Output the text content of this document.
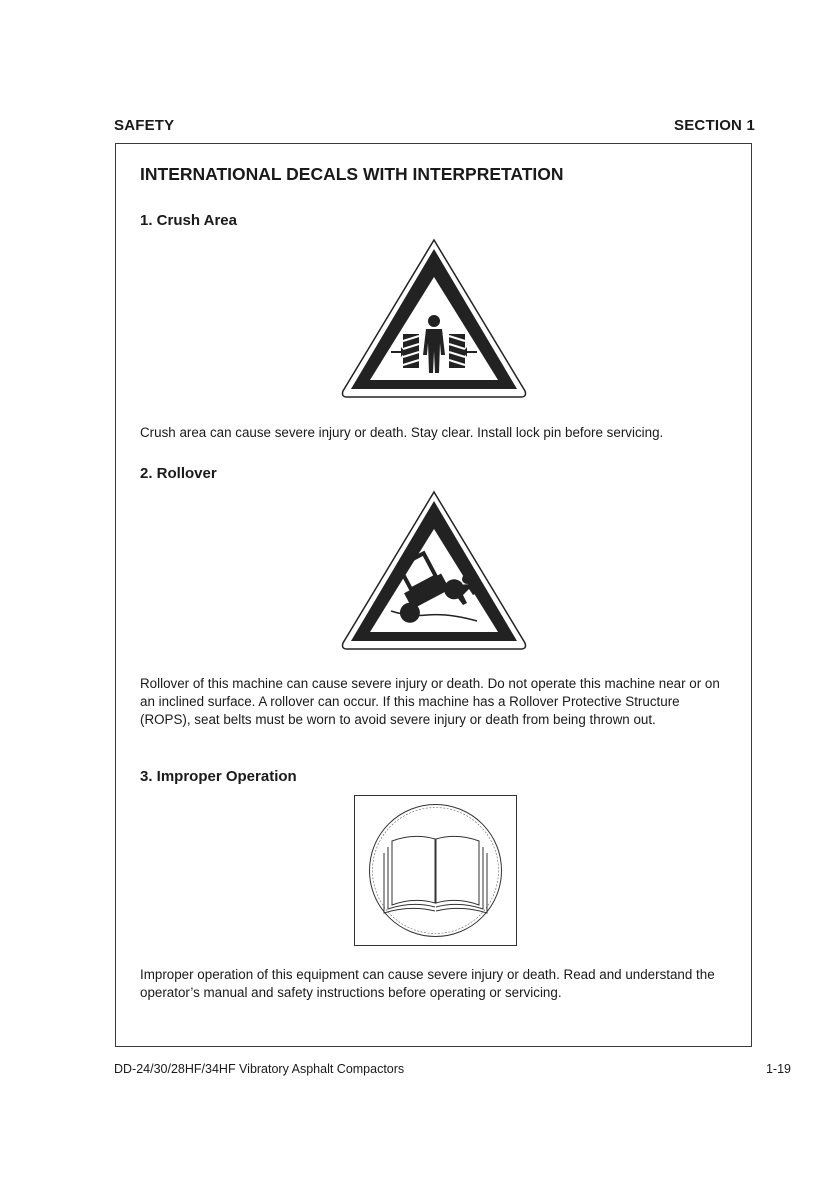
SAFETY	SECTION 1
INTERNATIONAL DECALS WITH INTERPRETATION
1. Crush Area
Crush area can cause severe injury or death. Stay clear. Install lock pin before servicing.
2. Rollover
Rollover of this machine can cause severe injury or death. Do not operate this machine near or on an inclined surface. A rollover can occur. If this machine has a Rollover Protective Structure (ROPS), seat belts must be worn to avoid severe injury or death from being thrown out.
3. Improper Operation
Improper operation of this equipment can cause severe injury or death. Read and understand the operator’s manual and safety instructions before operating or servicing.
DD-24/30/28HF/34HF Vibratory Asphalt Compactors	1-19
